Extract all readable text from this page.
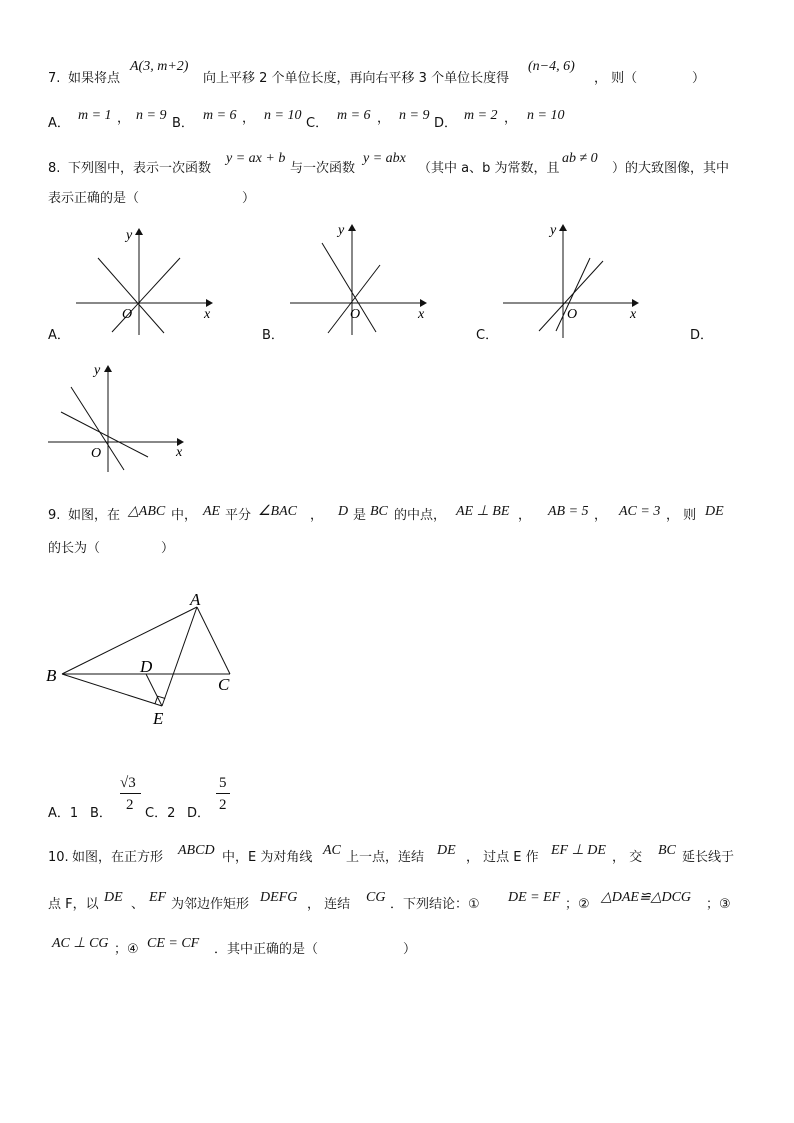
7. 如果将点
A(3, m+2)
向上平移 2 个单位长度，再向右平移 3 个单位长度得
(n−4, 6)
， 则（	）
A．
m = 1 ， n = 9
B．
m = 6 ， n = 10
C．
m = 6 ， n = 9
D．
m = 2 ， n = 10
8. 下列图中，表示一次函数
y = ax + b
与一次函数
y = abx
（其中 a、b 为常数，且
ab ≠ 0
）的大致图像，其中
表示正确的是（	）
A．	B．	C．	D．
x
y
O	x
y
O	x
y
O
x
y
O
A
B	C
D
E
9. 如图，在 △ABC 中， AE 平分 ∠BAC ， D 是 BC 的中点， AE ⊥ BE ， AB = 5 ， AC = 3 ， 则 DE
的长为（	）
A．1 B．
√3
2
C．2 D．
5
2
10. 如图，在正方形 ABCD 中，E 为对角线 AC 上一点，连结 DE ， 过点 E 作 EF ⊥ DE ， 交 BC 延长线于
点 F，以 DE 、 EF 为邻边作矩形 DEFG ， 连结 CG ．下列结论：① DE = EF ；② △DAE≌△DCG ；③
AC ⊥ CG ；④ CE = CF ．其中正确的是（	）
